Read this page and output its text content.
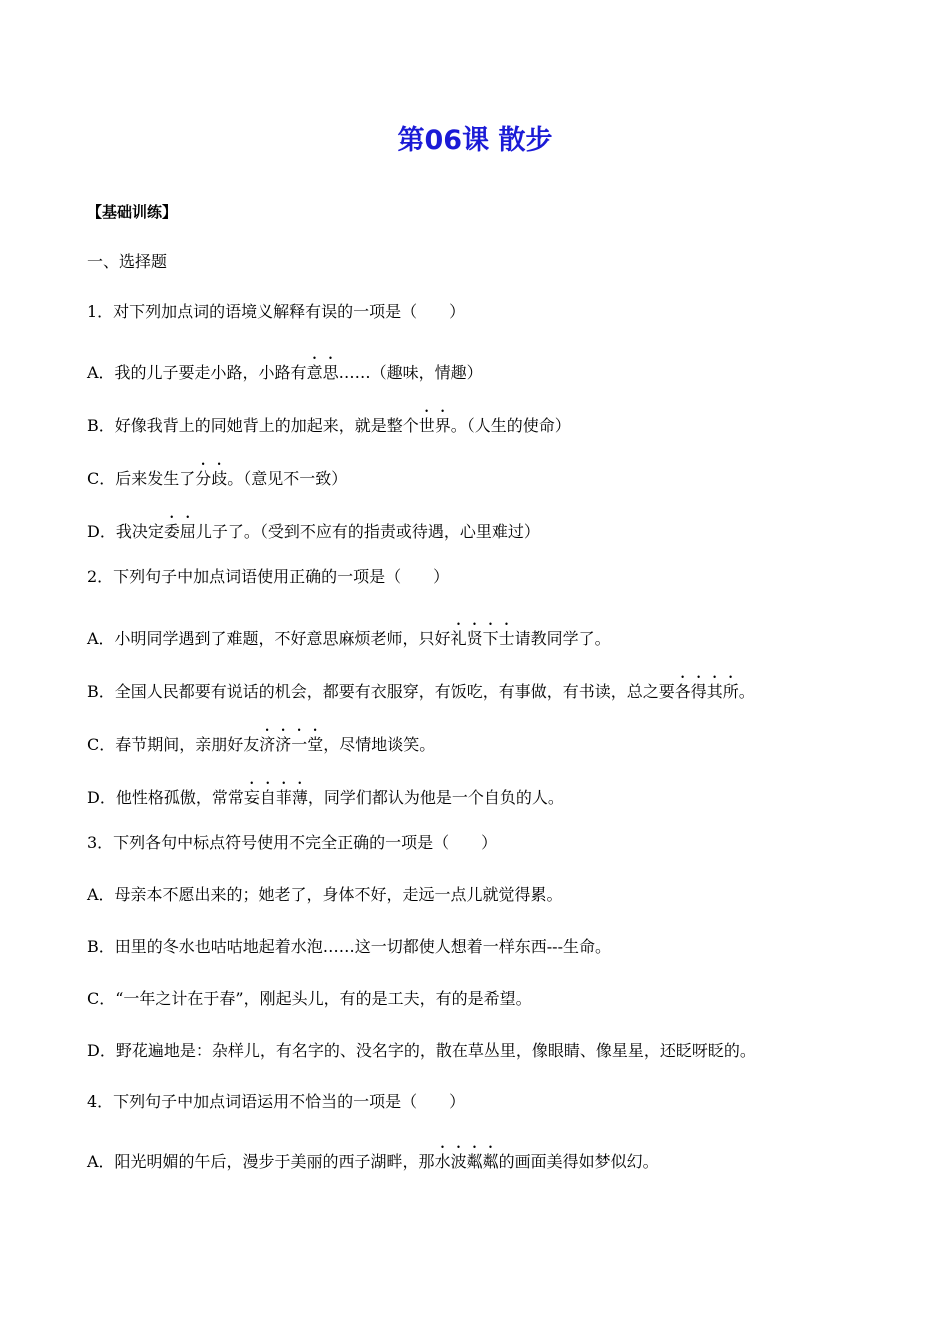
第06课 散步
【基础训练】
一、选择题
1．对下列加点词的语境义解释有误的一项是（　　）
A．我的儿子要走小路，小路有意思……（趣味，情趣）
B．好像我背上的同她背上的加起来，就是整个世界。（人生的使命）
C．后来发生了分歧。（意见不一致）
D．我决定委屈儿子了。（受到不应有的指责或待遇，心里难过）
2．下列句子中加点词语使用正确的一项是（　　）
A．小明同学遇到了难题，不好意思麻烦老师，只好礼贤下士请教同学了。
B．全国人民都要有说话的机会，都要有衣服穿，有饭吃，有事做，有书读，总之要各得其所。
C．春节期间，亲朋好友济济一堂，尽情地谈笑。
D．他性格孤傲，常常妄自菲薄，同学们都认为他是一个自负的人。
3．下列各句中标点符号使用不完全正确的一项是（　　）
A．母亲本不愿出来的；她老了，身体不好，走远一点儿就觉得累。
B．田里的冬水也咕咕地起着水泡……这一切都使人想着一样东西---生命。
C．“一年之计在于春”，刚起头儿，有的是工夫，有的是希望。
D．野花遍地是：杂样儿，有名字的、没名字的，散在草丛里，像眼睛、像星星，还眨呀眨的。
4．下列句子中加点词语运用不恰当的一项是（　　）
A．阳光明媚的午后，漫步于美丽的西子湖畔，那水波粼粼的画面美得如梦似幻。
